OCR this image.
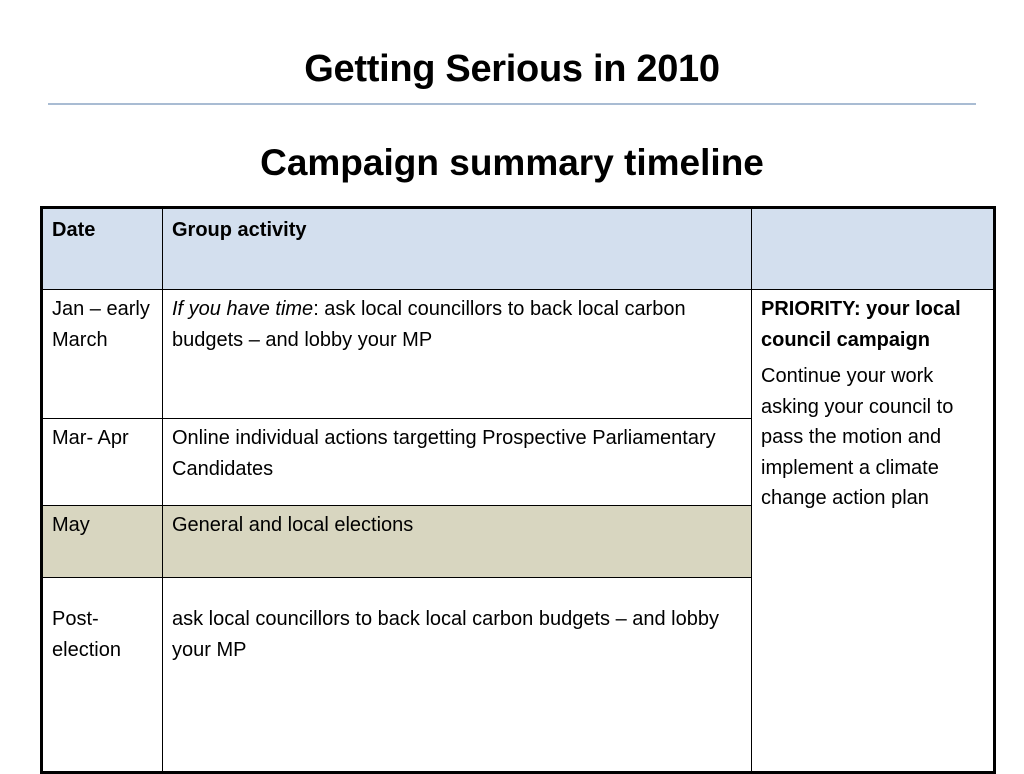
Getting Serious in 2010
Campaign summary timeline
Date	Group activity	
Jan – early March	If you have time: ask local councillors to back local carbon budgets – and lobby your MP	PRIORITY: your local council campaign
Continue your work asking your council to pass the motion and implement a climate change action plan

Mar- Apr	Online individual actions targetting Prospective Parliamentary Candidates	
May	General and local elections	
Post-election	ask local councillors to back local carbon budgets – and lobby your MP	
